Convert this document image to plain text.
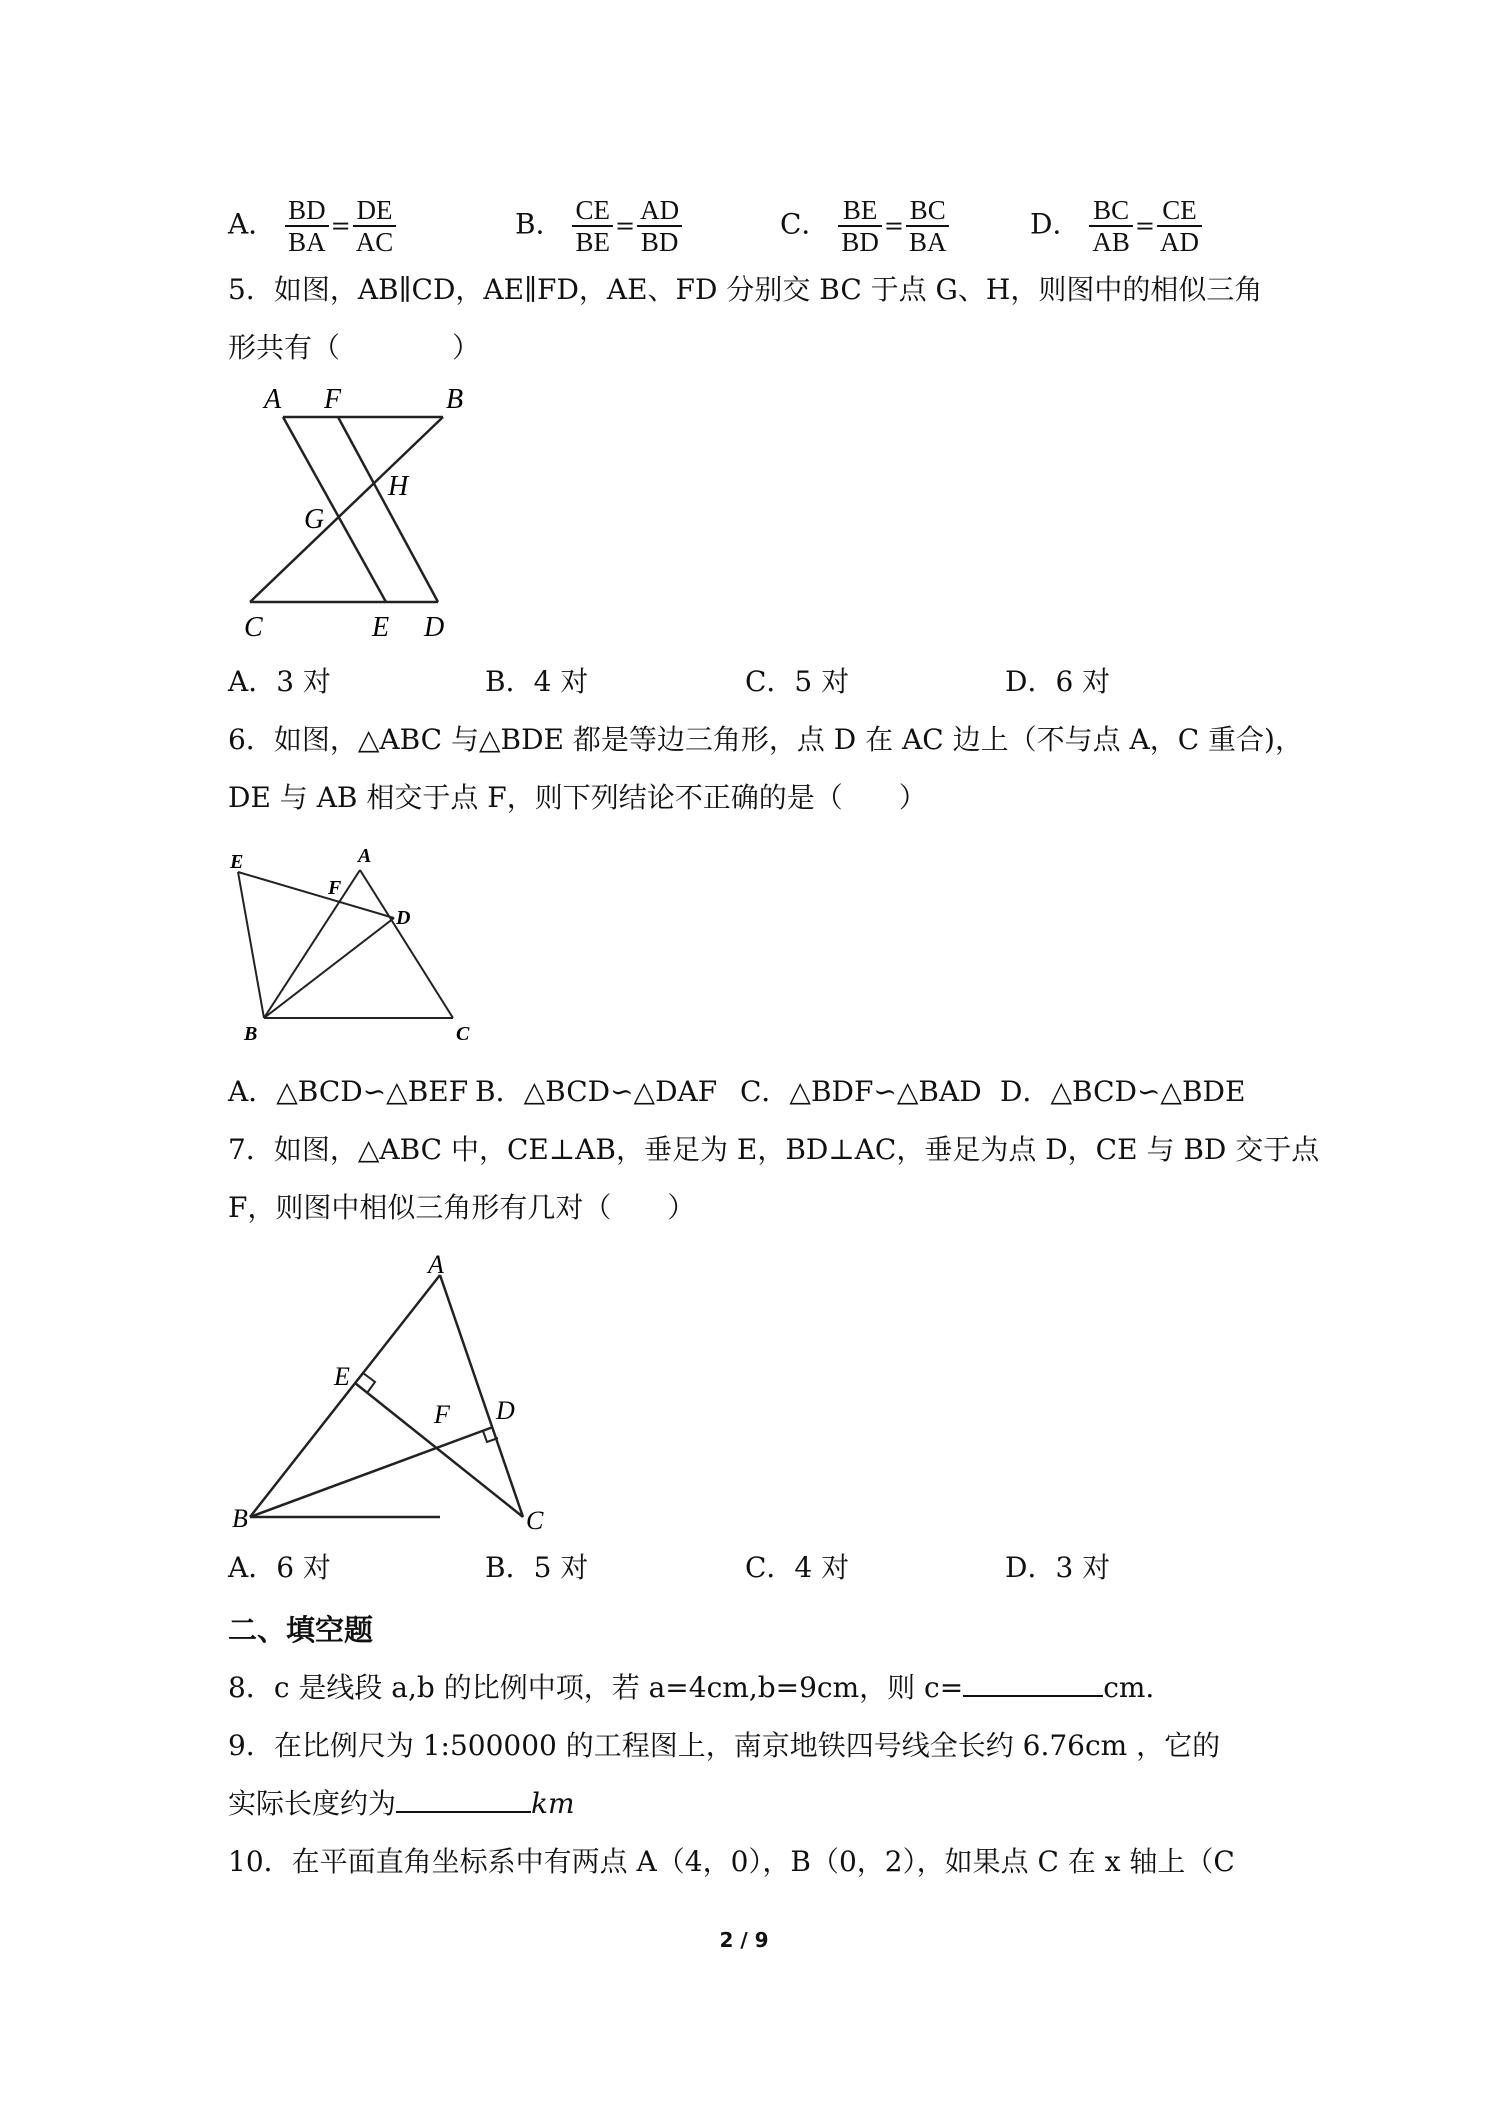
A． $\frac{BD}{BA} = \frac{DE}{AC}$	B． $\frac{CE}{BE} = \frac{AD}{BD}$	C． $\frac{BE}{BD} = \frac{BC}{BA}$	D． $\frac{BC}{AB} = \frac{CE}{AD}$
5．如图，AB∥CD，AE∥FD，AE、FD 分别交 BC 于点 G、H，则图中的相似三角
形共有（　　　　）
A F	B
H
G
C	E D
A．3 对	B．4 对	C．5 对	D．6 对
6．如图，△ABC 与△BDE 都是等边三角形，点 D 在 AC 边上（不与点 A，C 重合)，
DE 与 AB 相交于点 F，则下列结论不正确的是（　　）
E	A
F
D
B	C
A．△BCD∽△BEF B．△BCD∽△DAF C．△BDF∽△BAD D．△BCD∽△BDE
7．如图，△ABC 中，CE⊥AB，垂足为 E，BD⊥AC，垂足为点 D，CE 与 BD 交于点
F，则图中相似三角形有几对（　　）
A
E
F D
B	C
A．6 对	B．5 对	C．4 对	D．3 对
二、填空题
8．c 是线段 a,b 的比例中项，若 a=4cm,b=9cm，则 c=	cm.
9．在比例尺为 1:500000 的工程图上，南京地铁四号线全长约 6.76cm ，它的
实际长度约为	km
10．在平面直角坐标系中有两点 A（4，0），B（0，2），如果点 C 在 x 轴上（C
2 / 9
